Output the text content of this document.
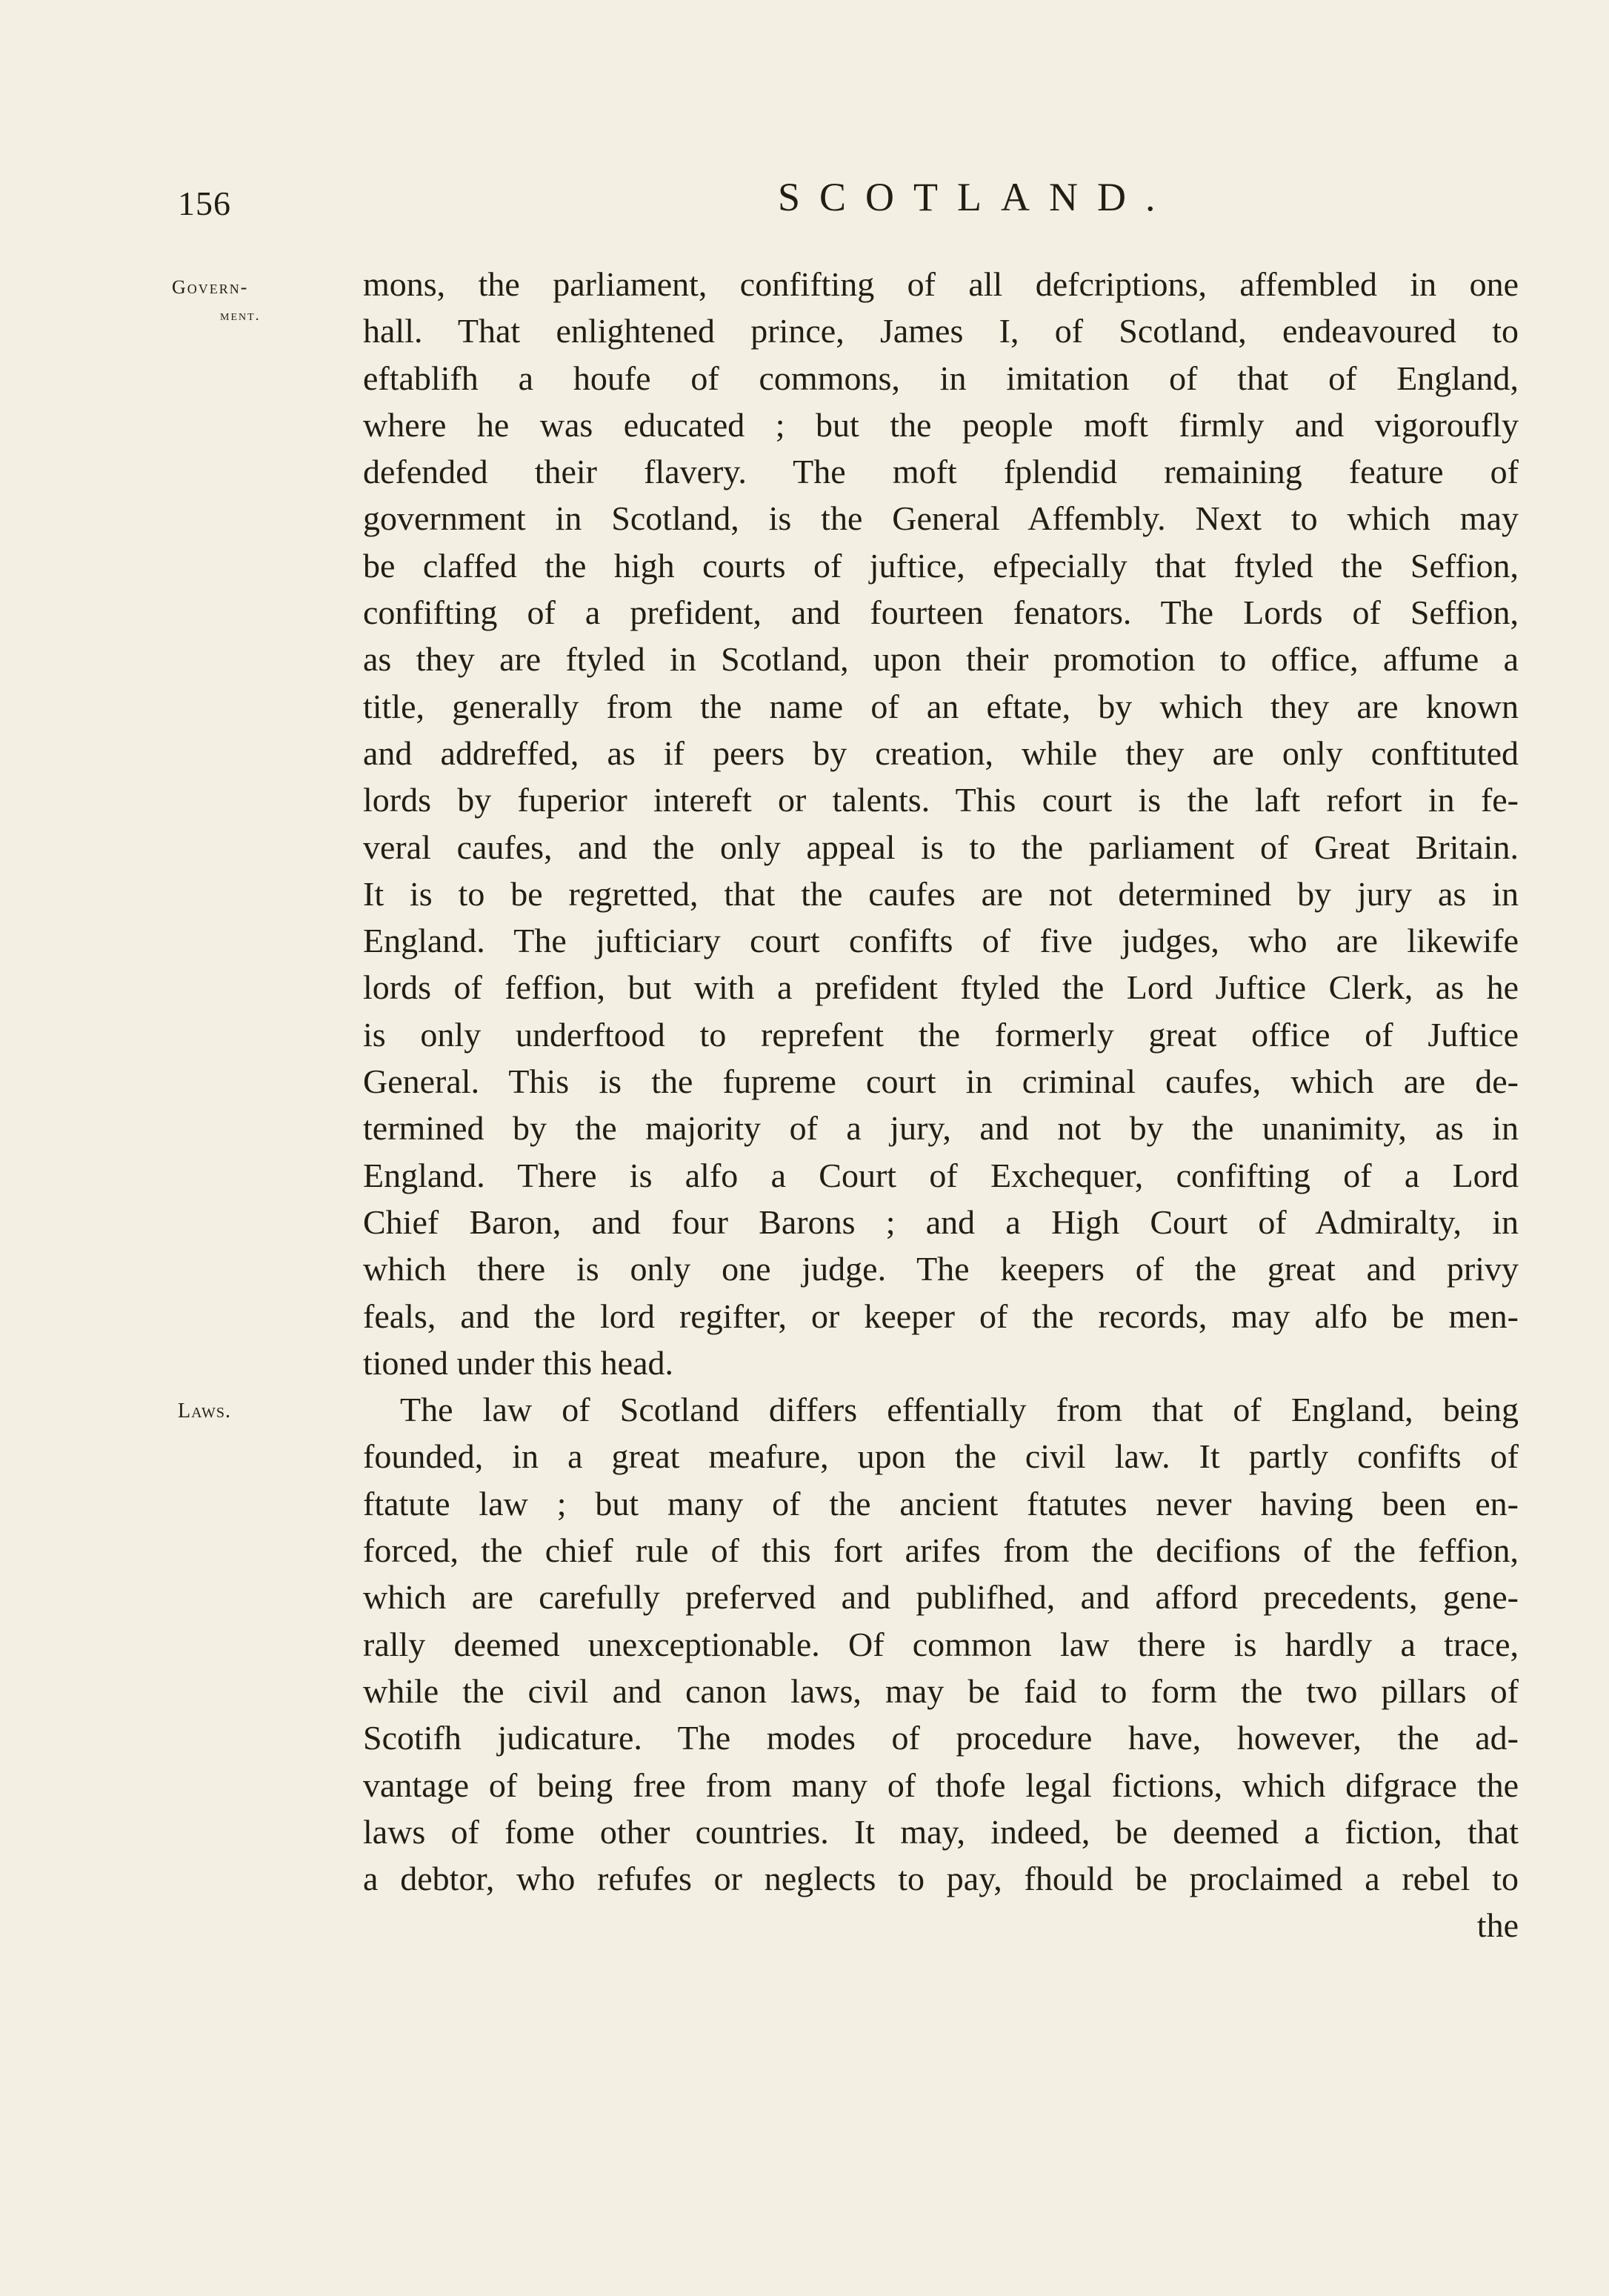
156	SCOTLAND.
Govern-
ment.
Laws.
mons, the parliament, confifting of all defcriptions, affembled in one
hall. That enlightened prince, James I, of Scotland, endeavoured to
eftablifh a houfe of commons, in imitation of that of England,
where he was educated ; but the people moft firmly and vigoroufly
defended their flavery. The moft fplendid remaining feature of
government in Scotland, is the General Affembly. Next to which may
be claffed the high courts of juftice, efpecially that ftyled the Seffion,
confifting of a prefident, and fourteen fenators. The Lords of Seffion,
as they are ftyled in Scotland, upon their promotion to office, affume a
title, generally from the name of an eftate, by which they are known
and addreffed, as if peers by creation, while they are only conftituted
lords by fuperior intereft or talents. This court is the laft refort in fe-
veral caufes, and the only appeal is to the parliament of Great Britain.
It is to be regretted, that the caufes are not determined by jury as in
England. The jufticiary court confifts of five judges, who are likewife
lords of feffion, but with a prefident ftyled the Lord Juftice Clerk, as he
is only underftood to reprefent the formerly great office of Juftice
General. This is the fupreme court in criminal caufes, which are de-
termined by the majority of a jury, and not by the unanimity, as in
England. There is alfo a Court of Exchequer, confifting of a Lord
Chief Baron, and four Barons ; and a High Court of Admiralty, in
which there is only one judge. The keepers of the great and privy
feals, and the lord regifter, or keeper of the records, may alfo be men-
tioned under this head.
The law of Scotland differs effentially from that of England, being
founded, in a great meafure, upon the civil law. It partly confifts of
ftatute law ; but many of the ancient ftatutes never having been en-
forced, the chief rule of this fort arifes from the decifions of the feffion,
which are carefully preferved and publifhed, and afford precedents, gene-
rally deemed unexceptionable. Of common law there is hardly a trace,
while the civil and canon laws, may be faid to form the two pillars of
Scotifh judicature. The modes of procedure have, however, the ad-
vantage of being free from many of thofe legal fictions, which difgrace the
laws of fome other countries. It may, indeed, be deemed a fiction, that
a debtor, who refufes or neglects to pay, fhould be proclaimed a rebel to
the
